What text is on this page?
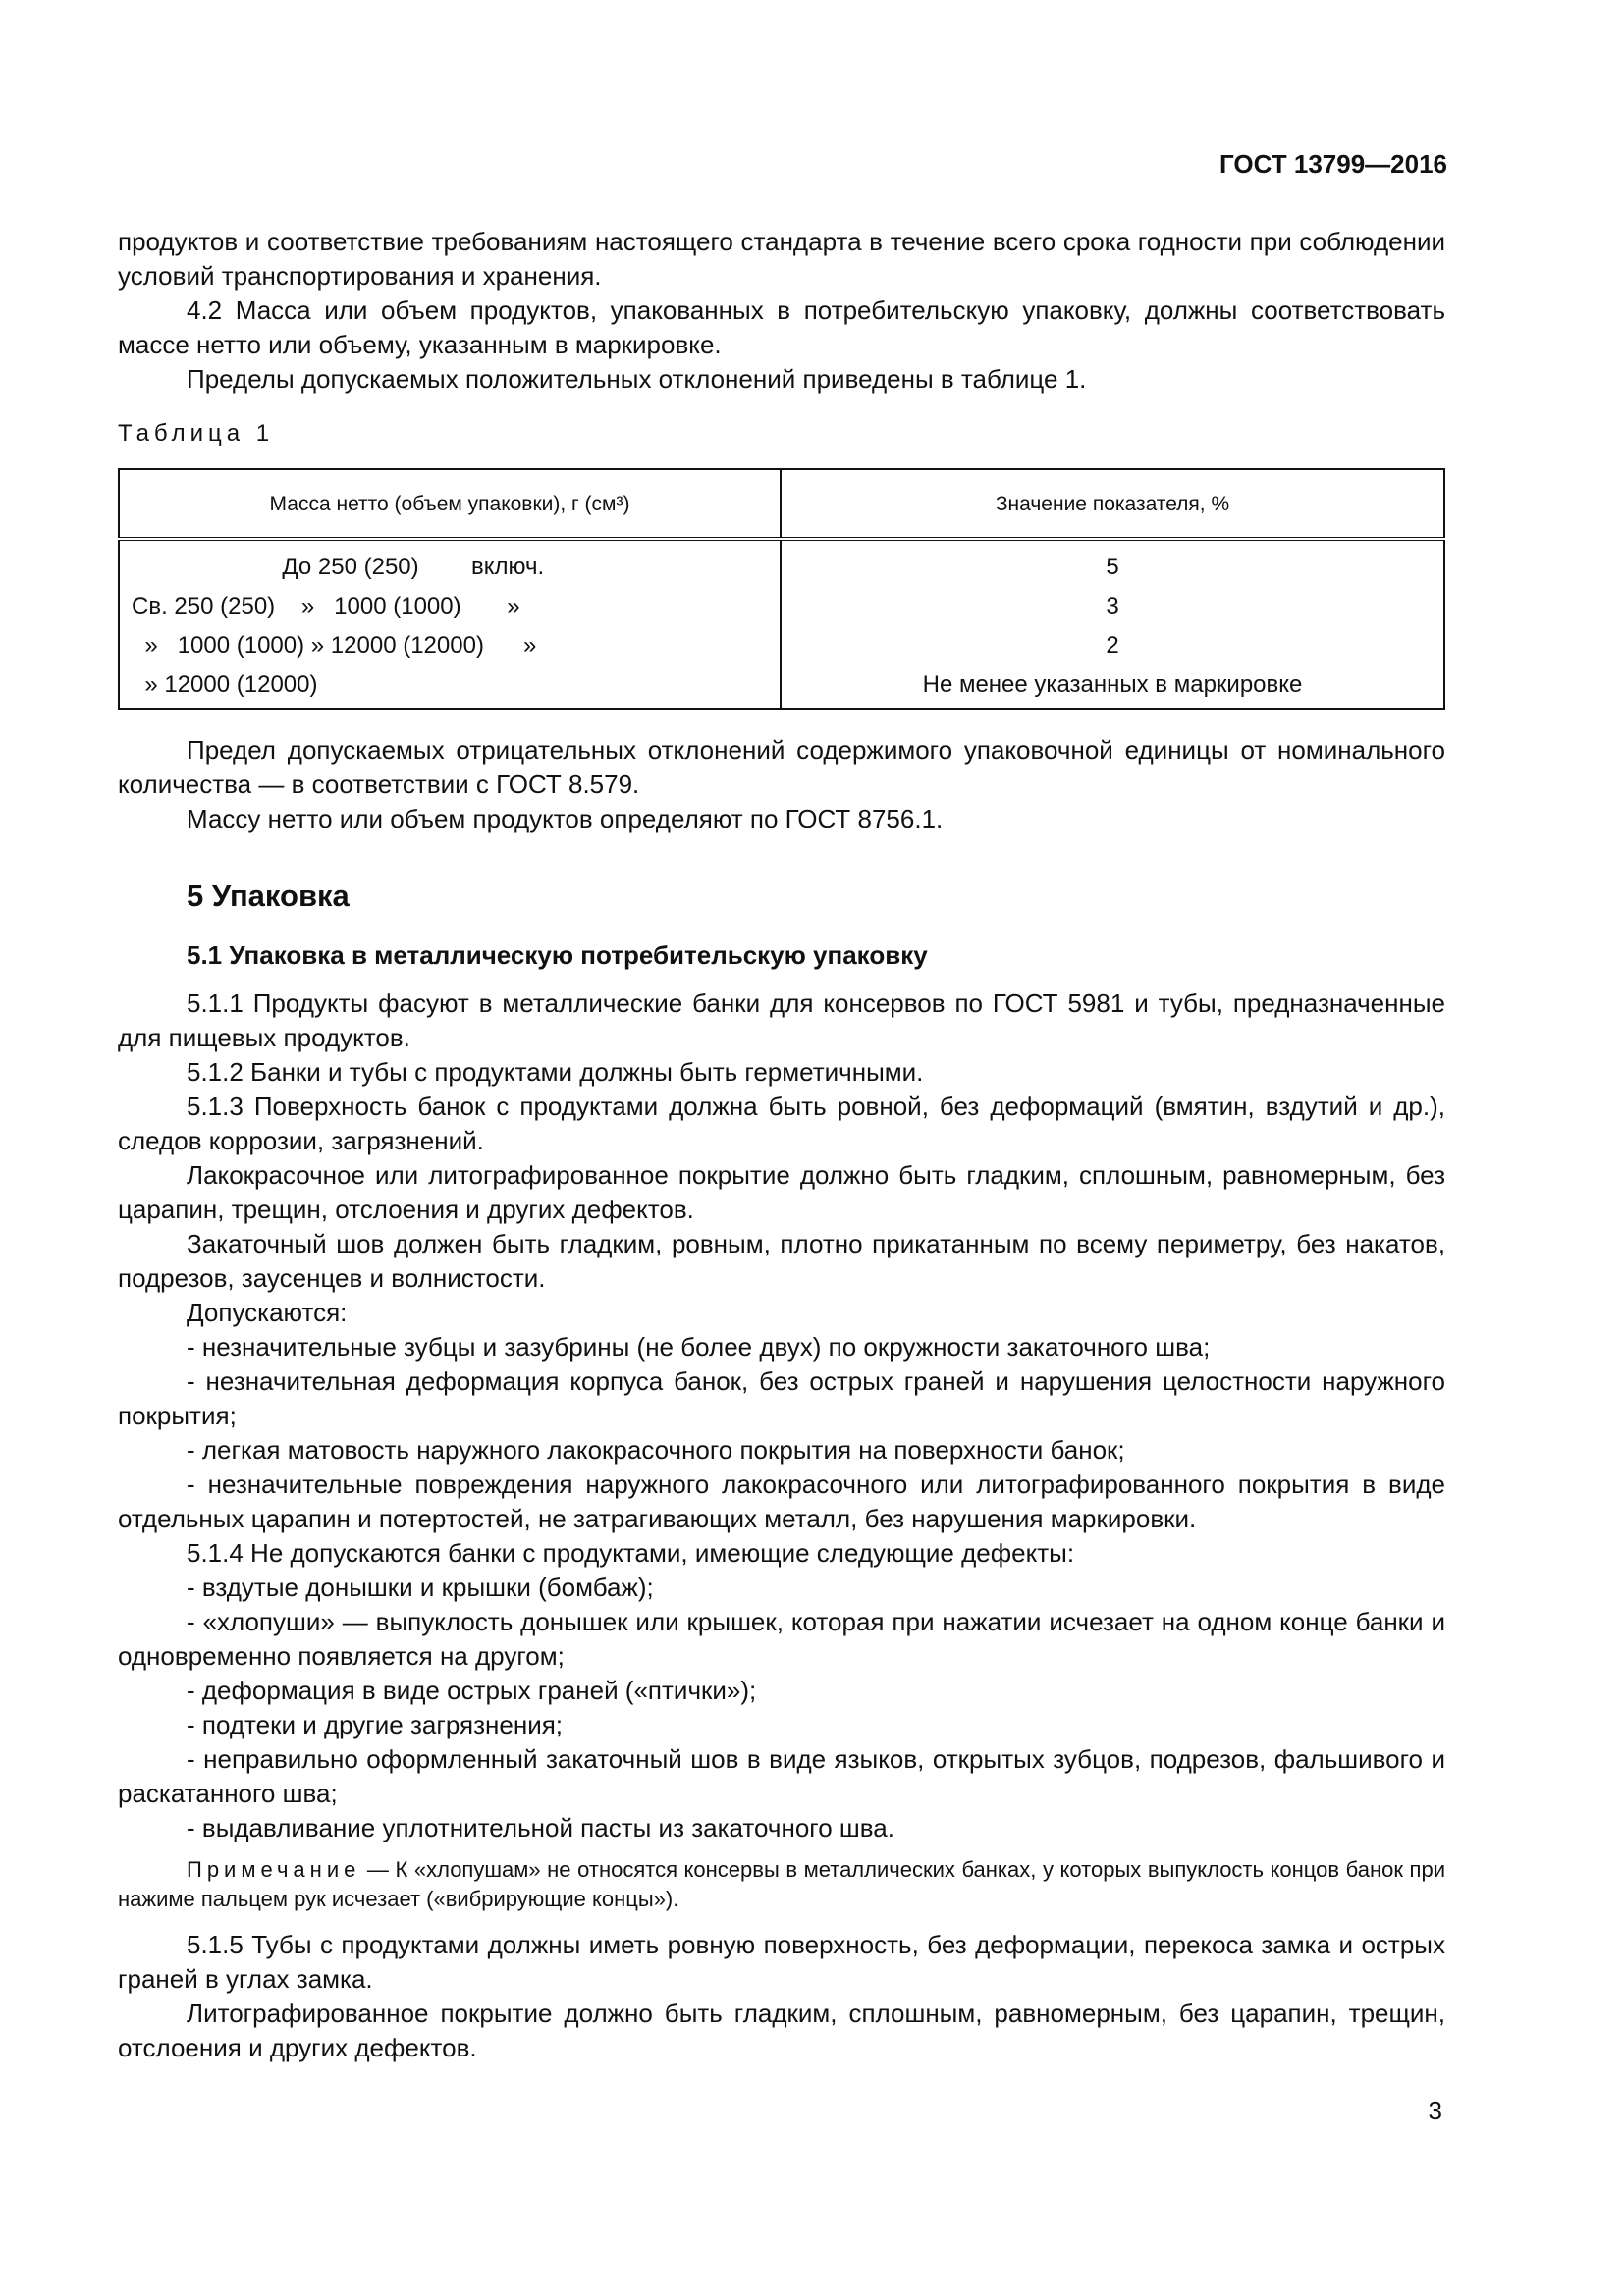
ГОСТ 13799—2016

продуктов и соответствие требованиям настоящего стандарта в течение всего срока годности при соблюдении условий транспортирования и хранения.

4.2 Масса или объем продуктов, упакованных в потребительскую упаковку, должны соответствовать массе нетто или объему, указанным в маркировке.

Пределы допускаемых положительных отклонений приведены в таблице 1.

Таблица 1

Масса нетто (объем упаковки), г (см³)	Значение показателя, %
До 250 (250)        включ.	5
Св. 250 (250)    »   1000 (1000)       »	3
»   1000 (1000) » 12000 (12000)      »	2
» 12000 (12000)	Не менее указанных в маркировке

Предел допускаемых отрицательных отклонений содержимого упаковочной единицы от номинального количества — в соответствии с ГОСТ 8.579.

Массу нетто или объем продуктов определяют по ГОСТ 8756.1.

5 Упаковка
5.1 Упаковка в металлическую потребительскую упаковку

5.1.1 Продукты фасуют в металлические банки для консервов по ГОСТ 5981 и тубы, предназначенные для пищевых продуктов.

5.1.2 Банки и тубы с продуктами должны быть герметичными.

5.1.3 Поверхность банок с продуктами должна быть ровной, без деформаций (вмятин, вздутий и др.), следов коррозии, загрязнений.

Лакокрасочное или литографированное покрытие должно быть гладким, сплошным, равномерным, без царапин, трещин, отслоения и других дефектов.

Закаточный шов должен быть гладким, ровным, плотно прикатанным по всему периметру, без накатов, подрезов, заусенцев и волнистости.

Допускаются:

- незначительные зубцы и зазубрины (не более двух) по окружности закаточного шва;

- незначительная деформация корпуса банок, без острых граней и нарушения целостности наружного покрытия;

- легкая матовость наружного лакокрасочного покрытия на поверхности банок;

- незначительные повреждения наружного лакокрасочного или литографированного покрытия в виде отдельных царапин и потертостей, не затрагивающих металл, без нарушения маркировки.

5.1.4 Не допускаются банки с продуктами, имеющие следующие дефекты:

- вздутые донышки и крышки (бомбаж);

- «хлопуши» — выпуклость донышек или крышек, которая при нажатии исчезает на одном конце банки и одновременно появляется на другом;

- деформация в виде острых граней («птички»);

- подтеки и другие загрязнения;

- неправильно оформленный закаточный шов в виде языков, открытых зубцов, подрезов, фальшивого и раскатанного шва;

- выдавливание уплотнительной пасты из закаточного шва.

Примечание — К «хлопушам» не относятся консервы в металлических банках, у которых выпуклость концов банок при нажиме пальцем рук исчезает («вибрирующие концы»).

5.1.5 Тубы с продуктами должны иметь ровную поверхность, без деформации, перекоса замка и острых граней в углах замка.

Литографированное покрытие должно быть гладким, сплошным, равномерным, без царапин, трещин, отслоения и других дефектов.

3
